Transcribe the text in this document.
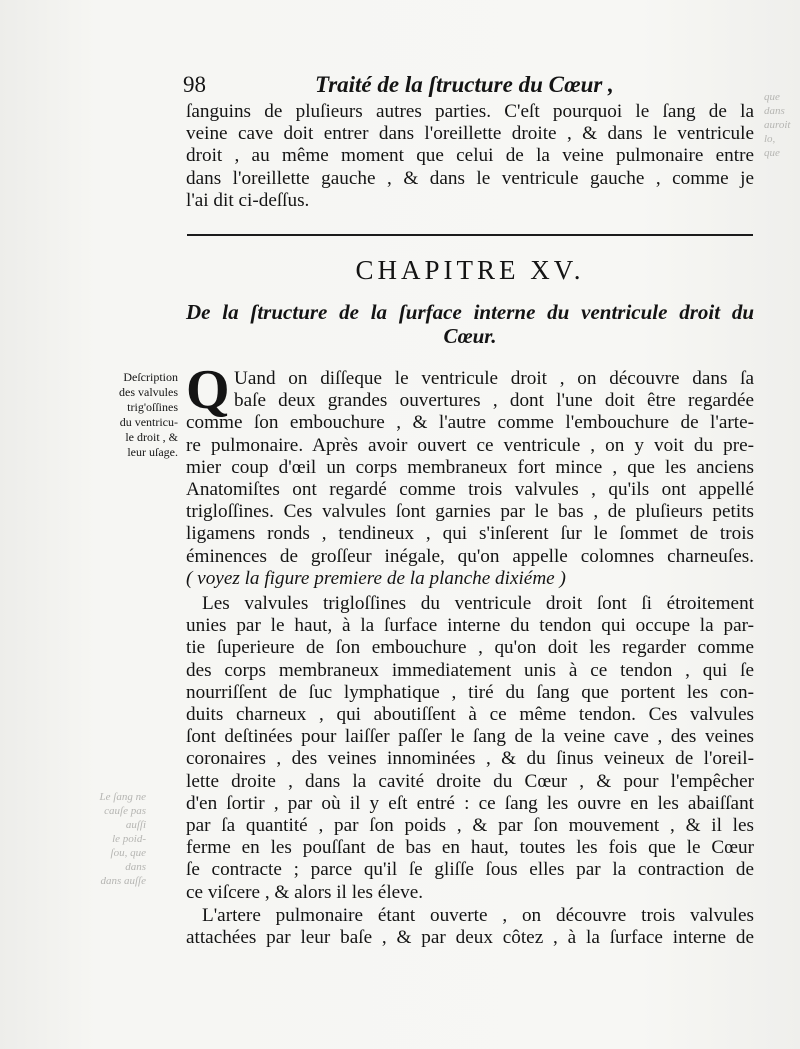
que
dans
auroit
lo,
que
Le ſang ne
cauſe pas
auſſi
le poid-
ſou, que
dans
dans auſſe
98	Traité de la ſtructure du Cœur ,
ſanguins de pluſieurs autres parties. C'eſt pourquoi le ſang de la
veine cave doit entrer dans l'oreillette droite , & dans le ventricule
droit , au même moment que celui de la veine pulmonaire entre
dans l'oreillette gauche , & dans le ventricule gauche , comme je
l'ai dit ci-deſſus.
CHAPITRE XV.
De la ſtructure de la ſurface interne du ventricule droit du
Cœur.
Deſcription
des valvules
trig'oſſines
du ventricu-
le droit , &
leur uſage.
Q Uand on diſſeque le ventricule droit , on découvre dans ſa
baſe deux grandes ouvertures , dont l'une doit être regardée
comme ſon embouchure , & l'autre comme l'embouchure de l'arte-
re pulmonaire. Après avoir ouvert ce ventricule , on y voit du pre-
mier coup d'œil un corps membraneux fort mince , que les anciens
Anatomiſtes ont regardé comme trois valvules , qu'ils ont appellé
trigloſſines. Ces valvules ſont garnies par le bas , de pluſieurs petits
ligamens ronds , tendineux , qui s'inſerent ſur le ſommet de trois
éminences de groſſeur inégale, qu'on appelle colomnes charneuſes.
( voyez la figure premiere de la planche dixiéme )
Les valvules trigloſſines du ventricule droit ſont ſi étroitement
unies par le haut, à la ſurface interne du tendon qui occupe la par-
tie ſuperieure de ſon embouchure , qu'on doit les regarder comme
des corps membraneux immediatement unis à ce tendon , qui ſe
nourriſſent de ſuc lymphatique , tiré du ſang que portent les con-
duits charneux , qui aboutiſſent à ce même tendon. Ces valvules
ſont deſtinées pour laiſſer paſſer le ſang de la veine cave , des veines
coronaires , des veines innominées , & du ſinus veineux de l'oreil-
lette droite , dans la cavité droite du Cœur , & pour l'empêcher
d'en ſortir , par où il y eſt entré : ce ſang les ouvre en les abaiſſant
par ſa quantité , par ſon poids , & par ſon mouvement , & il les
ferme en les pouſſant de bas en haut, toutes les fois que le Cœur
ſe contracte ; parce qu'il ſe gliſſe ſous elles par la contraction de
ce viſcere , & alors il les éleve.
L'artere pulmonaire étant ouverte , on découvre trois valvules
attachées par leur baſe , & par deux côtez , à la ſurface interne de
